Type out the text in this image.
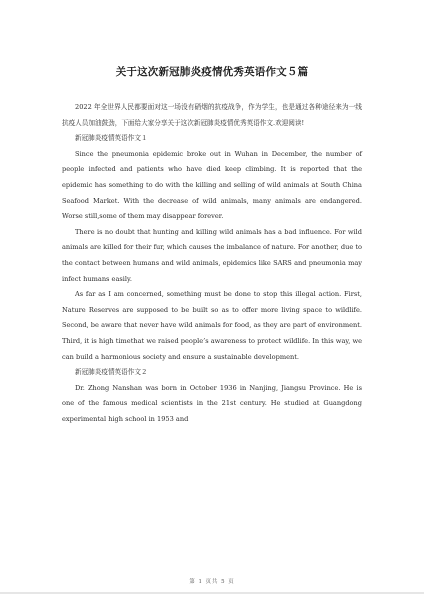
关于这次新冠肺炎疫情优秀英语作文５篇

2022 年全世界人民都要面对这一场没有硝烟的抗疫战争，作为学生，也是通过各种途径来为一线抗疫人员加油鼓劲，下面给大家分享关于这次新冠肺炎疫情优秀英语作文.欢迎阅读!

新冠肺炎疫情英语作文１

Since the pneumonia epidemic broke out in Wuhan in December, the number of people infected and patients who have died keep climbing. It is reported that the epidemic has something to do with the killing and selling of wild animals at South China Seafood Market. With the decrease of wild animals, many animals are endangered. Worse still,some of them may disappear forever.

There is no doubt that hunting and killing wild animals has a bad influence. For wild animals are killed for their fur, which causes the imbalance of nature. For another, due to the contact between humans and wild animals, epidemics like SARS and pneumonia may infect humans easily.

As far as I am concerned, something must be done to stop this illegal action. First, Nature Reserves are supposed to be built so as to offer more living space to wildlife. Second, be aware that never have wild animals for food, as they are part of environment. Third, it is high timethat we raised people’s awareness to protect wildlife. In this way, we can build a harmonious society and ensure a sustainable development.

新冠肺炎疫情英语作文２

Dr. Zhong Nanshan was born in October 1936 in Nanjing, Jiangsu Province. He is one of the famous medical scientists in the 21st century. He studied at Guangdong experimental high school in 1953 and

第 1 页共 5 页
